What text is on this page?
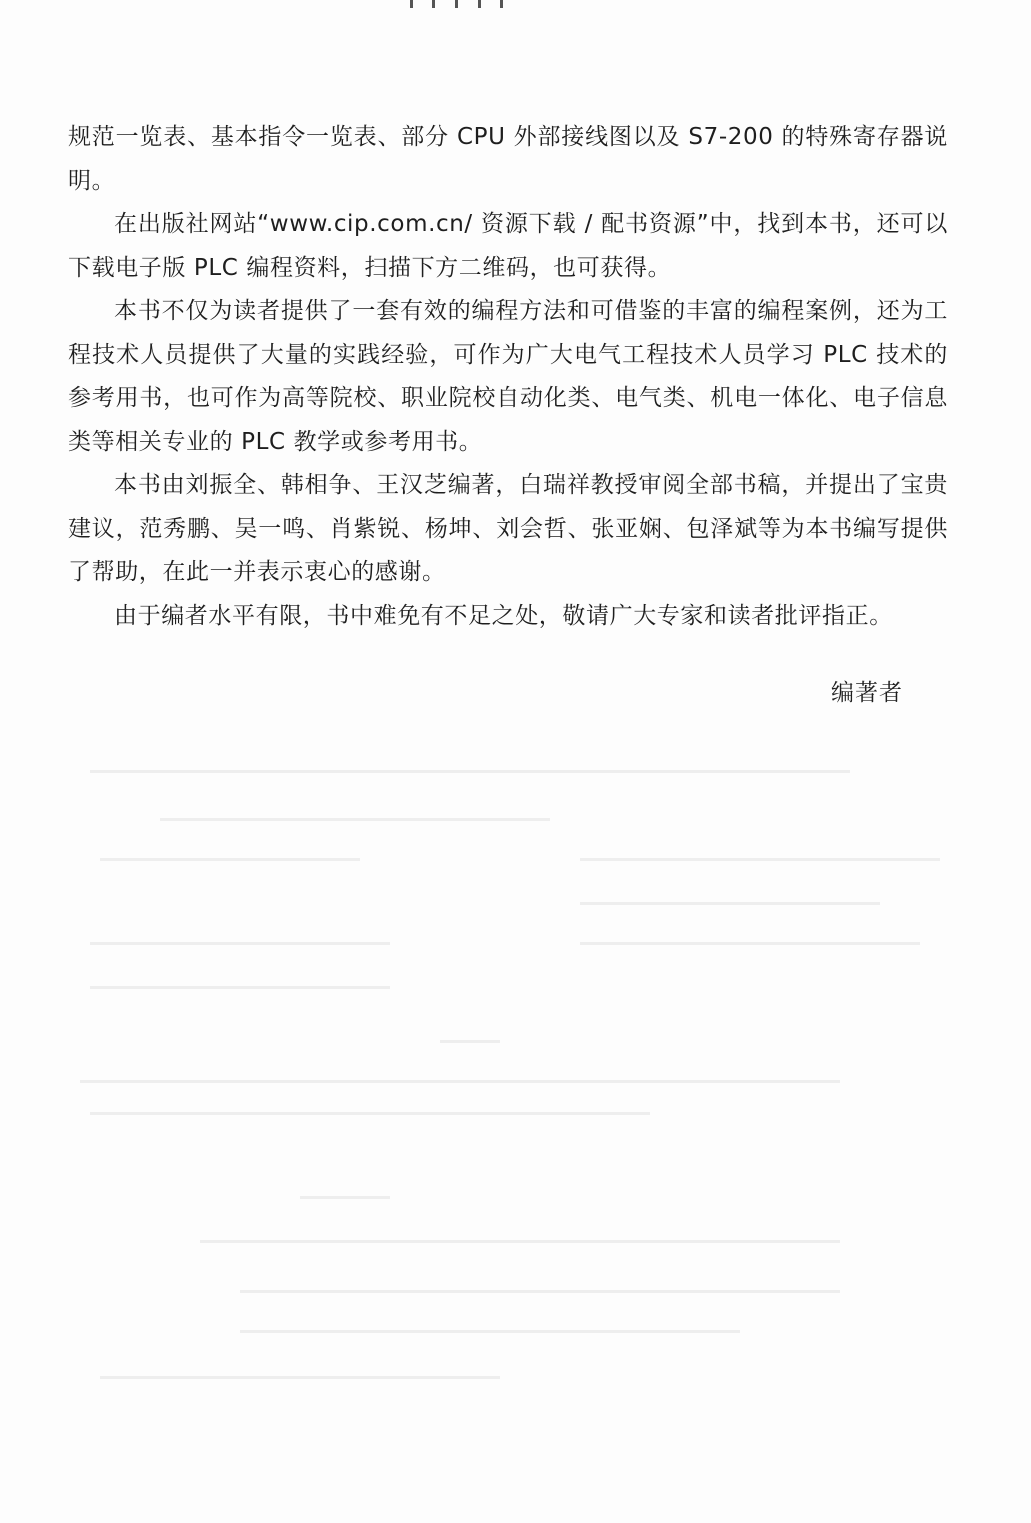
规范一览表、基本指令一览表、部分 CPU 外部接线图以及 S7-200 的特殊寄存器说明。

在出版社网站“www.cip.com.cn/ 资源下载 / 配书资源”中，找到本书，还可以下载电子版 PLC 编程资料，扫描下方二维码，也可获得。

本书不仅为读者提供了一套有效的编程方法和可借鉴的丰富的编程案例，还为工程技术人员提供了大量的实践经验，可作为广大电气工程技术人员学习 PLC 技术的参考用书，也可作为高等院校、职业院校自动化类、电气类、机电一体化、电子信息类等相关专业的 PLC 教学或参考用书。

本书由刘振全、韩相争、王汉芝编著，白瑞祥教授审阅全部书稿，并提出了宝贵建议，范秀鹏、吴一鸣、肖紫锐、杨坤、刘会哲、张亚娴、包泽斌等为本书编写提供了帮助，在此一并表示衷心的感谢。

由于编者水平有限，书中难免有不足之处，敬请广大专家和读者批评指正。

编著者
